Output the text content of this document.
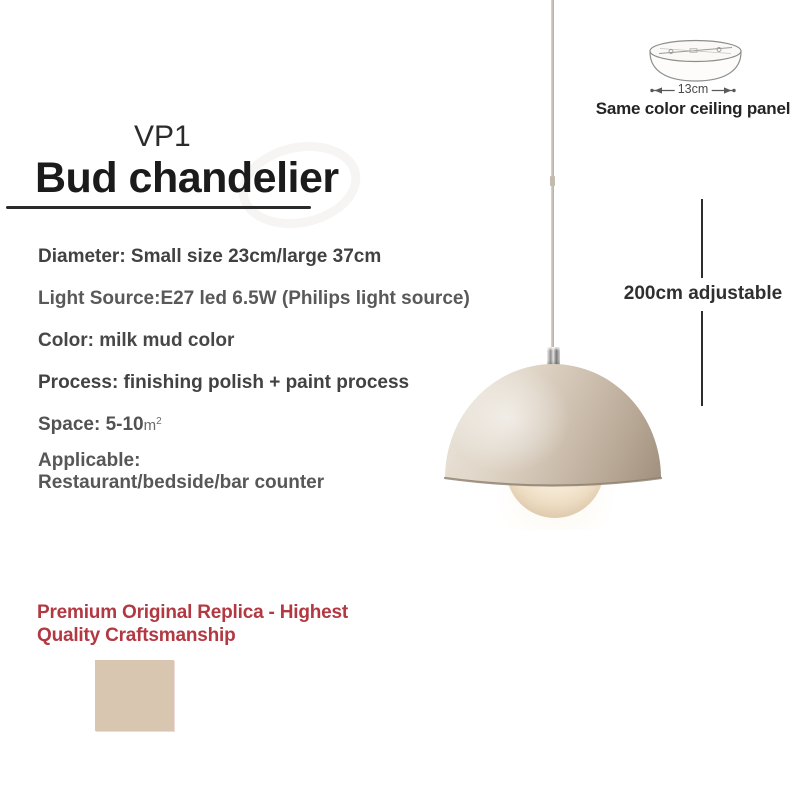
13cm
Same color ceiling panel
200cm adjustable
VP1
Bud chandelier
Diameter: Small size 23cm/large 37cm
Light Source:E27 led 6.5W (Philips light source)
Color: milk mud color
Process: finishing polish + paint process
Space: $5-10m^2$
Applicable:
Restaurant/bedside/bar counter
Premium Original Replica - Highest
Quality Craftsmanship
